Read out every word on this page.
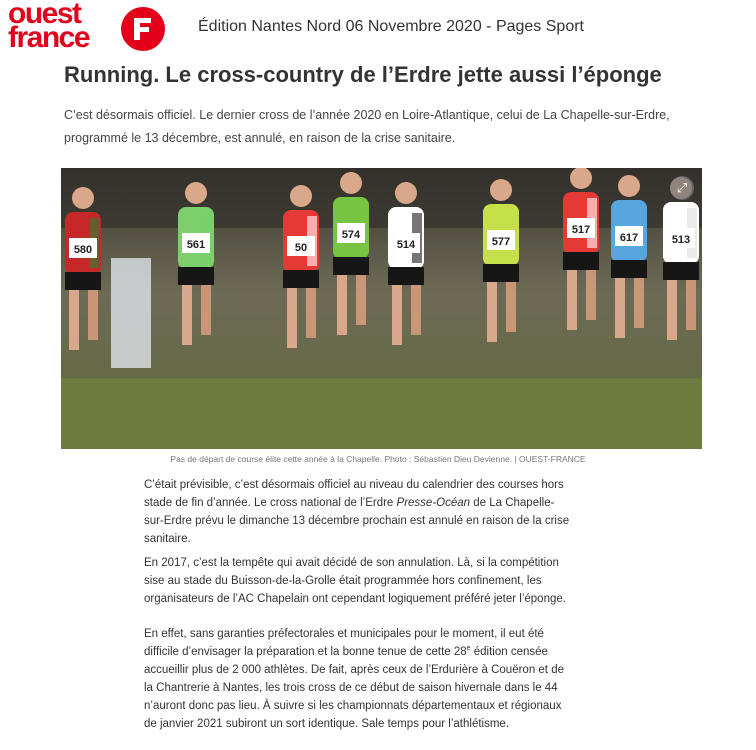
ouest
france	Édition Nantes Nord 06 Novembre 2020 - Pages Sport
Running. Le cross-country de l’Erdre jette aussi l’éponge

C’est désormais officiel. Le dernier cross de l’année 2020 en Loire-Atlantique, celui de La Chapelle-sur-Erdre, programmé le 13 décembre, est annulé, en raison de la crise sanitaire.

580	561	50
574
514	577
517
617	513
⤢
Pas de départ de course élite cette année à la Chapelle. Photo : Sébastien Dieu Devienne. | OUEST-FRANCE

C’était prévisible, c’est désormais officiel au niveau du calendrier des courses hors stade de fin d’année. Le cross national de l’Erdre Presse-Océan de La Chapelle-sur-Erdre prévu le dimanche 13 décembre prochain est annulé en raison de la crise sanitaire.

En 2017, c’est la tempête qui avait décidé de son annulation. Là, si la compétition sise au stade du Buisson-de-la-Grolle était programmée hors confinement, les organisateurs de l’AC Chapelain ont cependant logiquement préféré jeter l’éponge.

En effet, sans garanties préfectorales et municipales pour le moment, il eut été difficile d’envisager la préparation et la bonne tenue de cette 28e édition censée accueillir plus de 2 000 athlètes. De fait, après ceux de l’Erdurière à Couëron et de la Chantrerie à Nantes, les trois cross de ce début de saison hivernale dans le 44 n’auront donc pas lieu. À suivre si les championnats départementaux et régionaux de janvier 2021 subiront un sort identique. Sale temps pour l’athlétisme.
